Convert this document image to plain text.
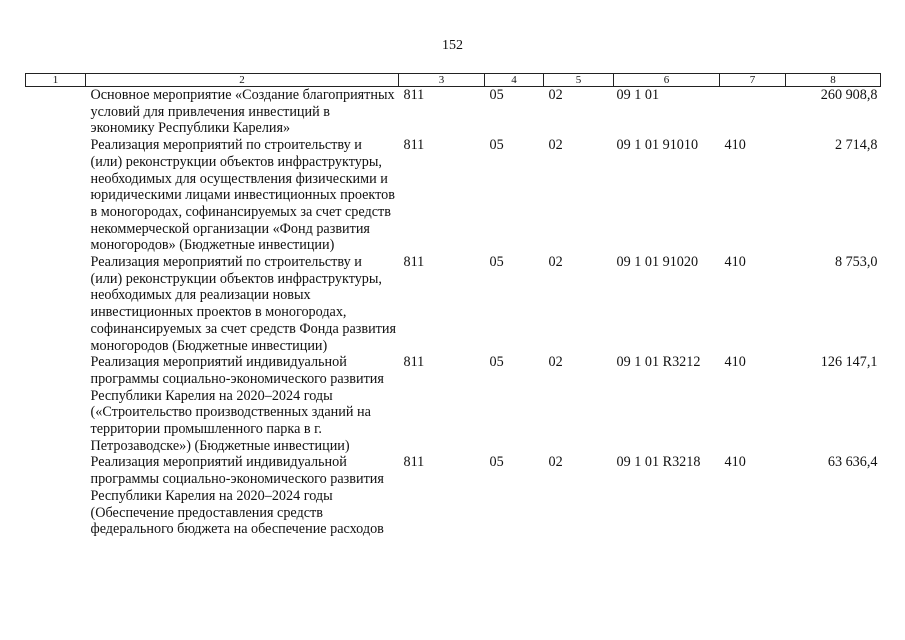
152
1	2	3	4	5	6	7	8
	Основное мероприятие «Создание благоприятных условий для привлечения инвестиций в экономику Республики Карелия»	811	05	02	09 1 01		260 908,8
	Реализация мероприятий по строительству и (или) реконструкции объектов инфраструктуры, необходимых для осуществления физическими и юридическими лицами инвестиционных проектов в моногородах, софинансируемых за счет средств некоммерческой организации «Фонд развития моногородов» (Бюджетные инвестиции)	811	05	02	09 1 01 91010	410	2 714,8
	Реализация мероприятий по строительству и (или) реконструкции объектов инфраструктуры, необходимых для реализации новых инвестиционных проектов в моногородах, софинансируемых за счет средств Фонда развития моногородов (Бюджетные инвестиции)	811	05	02	09 1 01 91020	410	8 753,0
	Реализация мероприятий индивидуальной программы социально-экономического развития Республики Карелия на 2020–2024 годы («Строительство производственных зданий на территории промышленного парка в г. Петрозаводске») (Бюджетные инвестиции)	811	05	02	09 1 01 R3212	410	126 147,1
	Реализация мероприятий индивидуальной программы социально-экономического развития Республики Карелия на 2020–2024 годы (Обеспечение предоставления средств федерального бюджета на обеспечение расходов	811	05	02	09 1 01 R3218	410	63 636,4
